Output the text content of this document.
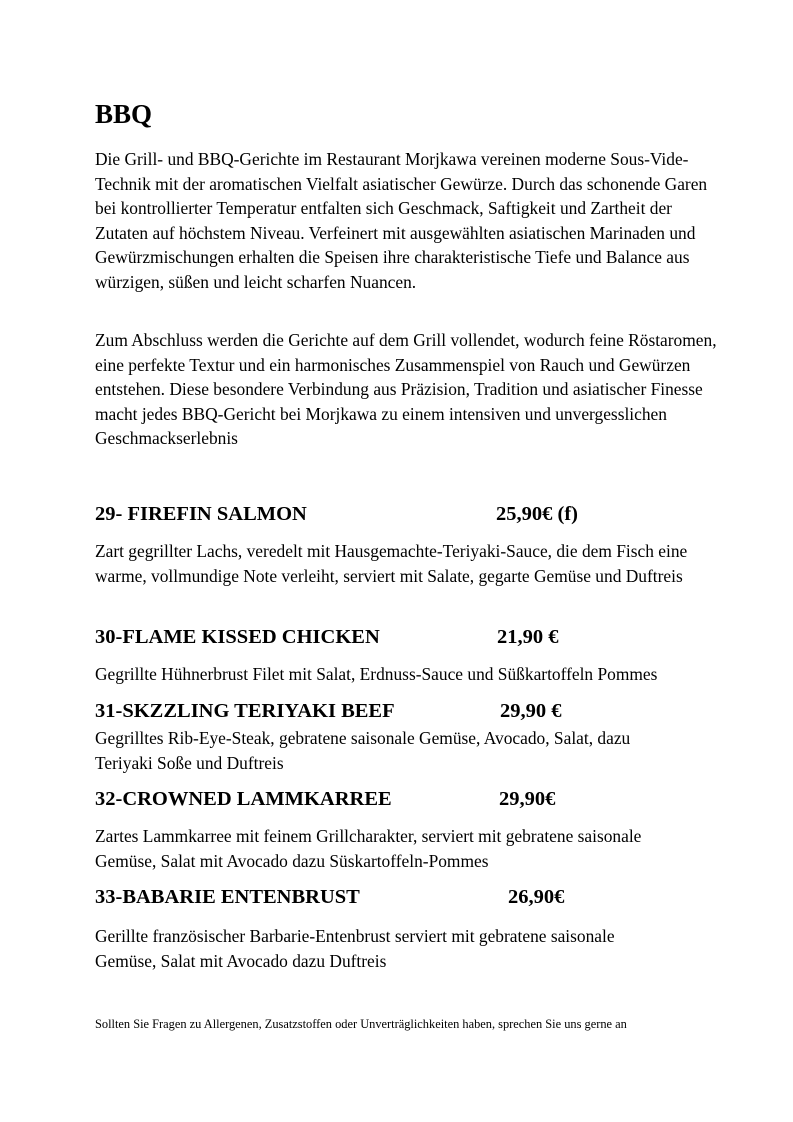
BBQ

Die Grill- und BBQ-Gerichte im Restaurant Morjkawa vereinen moderne Sous-Vide-Technik mit der aromatischen Vielfalt asiatischer Gewürze. Durch das schonende Garen bei kontrollierter Temperatur entfalten sich Geschmack, Saftigkeit und Zartheit der Zutaten auf höchstem Niveau. Verfeinert mit ausgewählten asiatischen Marinaden und Gewürzmischungen erhalten die Speisen ihre charakteristische Tiefe und Balance aus würzigen, süßen und leicht scharfen Nuancen.

Zum Abschluss werden die Gerichte auf dem Grill vollendet, wodurch feine Röstaromen, eine perfekte Textur und ein harmonisches Zusammenspiel von Rauch und Gewürzen entstehen. Diese besondere Verbindung aus Präzision, Tradition und asiatischer Finesse macht jedes BBQ-Gericht bei Morjkawa zu einem intensiven und unvergesslichen Geschmackserlebnis

29- FIREFIN SALMON	25,90€ (f)

Zart gegrillter Lachs, veredelt mit Hausgemachte-Teriyaki-Sauce, die dem Fisch eine warme, vollmundige Note verleiht, serviert mit Salate, gegarte Gemüse und Duftreis

30-FLAME KISSED CHICKEN	21,90 €

Gegrillte Hühnerbrust Filet mit Salat, Erdnuss-Sauce und Süßkartoffeln Pommes

31-SKZZLING TERIYAKI BEEF	29,90 €

Gegrilltes Rib-Eye-Steak, gebratene saisonale Gemüse, Avocado, Salat, dazu Teriyaki Soße und Duftreis

32-CROWNED LAMMKARREE	29,90€

Zartes Lammkarree mit feinem Grillcharakter, serviert mit gebratene saisonale Gemüse, Salat mit Avocado dazu Süskartoffeln-Pommes

33-BABARIE ENTENBRUST	26,90€

Gerillte französischer Barbarie-Entenbrust serviert mit gebratene saisonale Gemüse, Salat mit Avocado dazu Duftreis

Sollten Sie Fragen zu Allergenen, Zusatzstoffen oder Unverträglichkeiten haben, sprechen Sie uns gerne an
